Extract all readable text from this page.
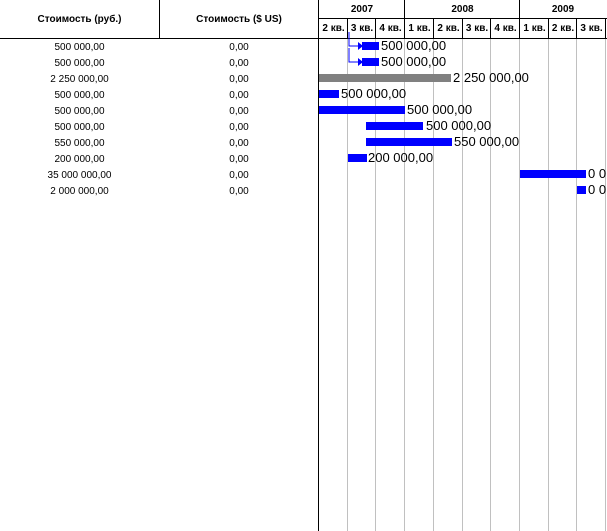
Стоимость (руб.)	Стоимость ($ US)
2 кв. 3 кв. 4 кв. 1 кв. 2 кв. 3 кв. 4 кв. 1 кв. 2 кв. 3 кв.
2007	2008	2009
500 000,00
500 000,00
2 250 000,00
500 000,00
500 000,00
500 000,00
550 000,00
200 000,00
0 0
0 0
500 000,00	0,00
500 000,00	0,00
2 250 000,00	0,00
500 000,00	0,00
500 000,00	0,00
500 000,00	0,00
550 000,00	0,00
200 000,00	0,00
35 000 000,00	0,00
2 000 000,00	0,00
